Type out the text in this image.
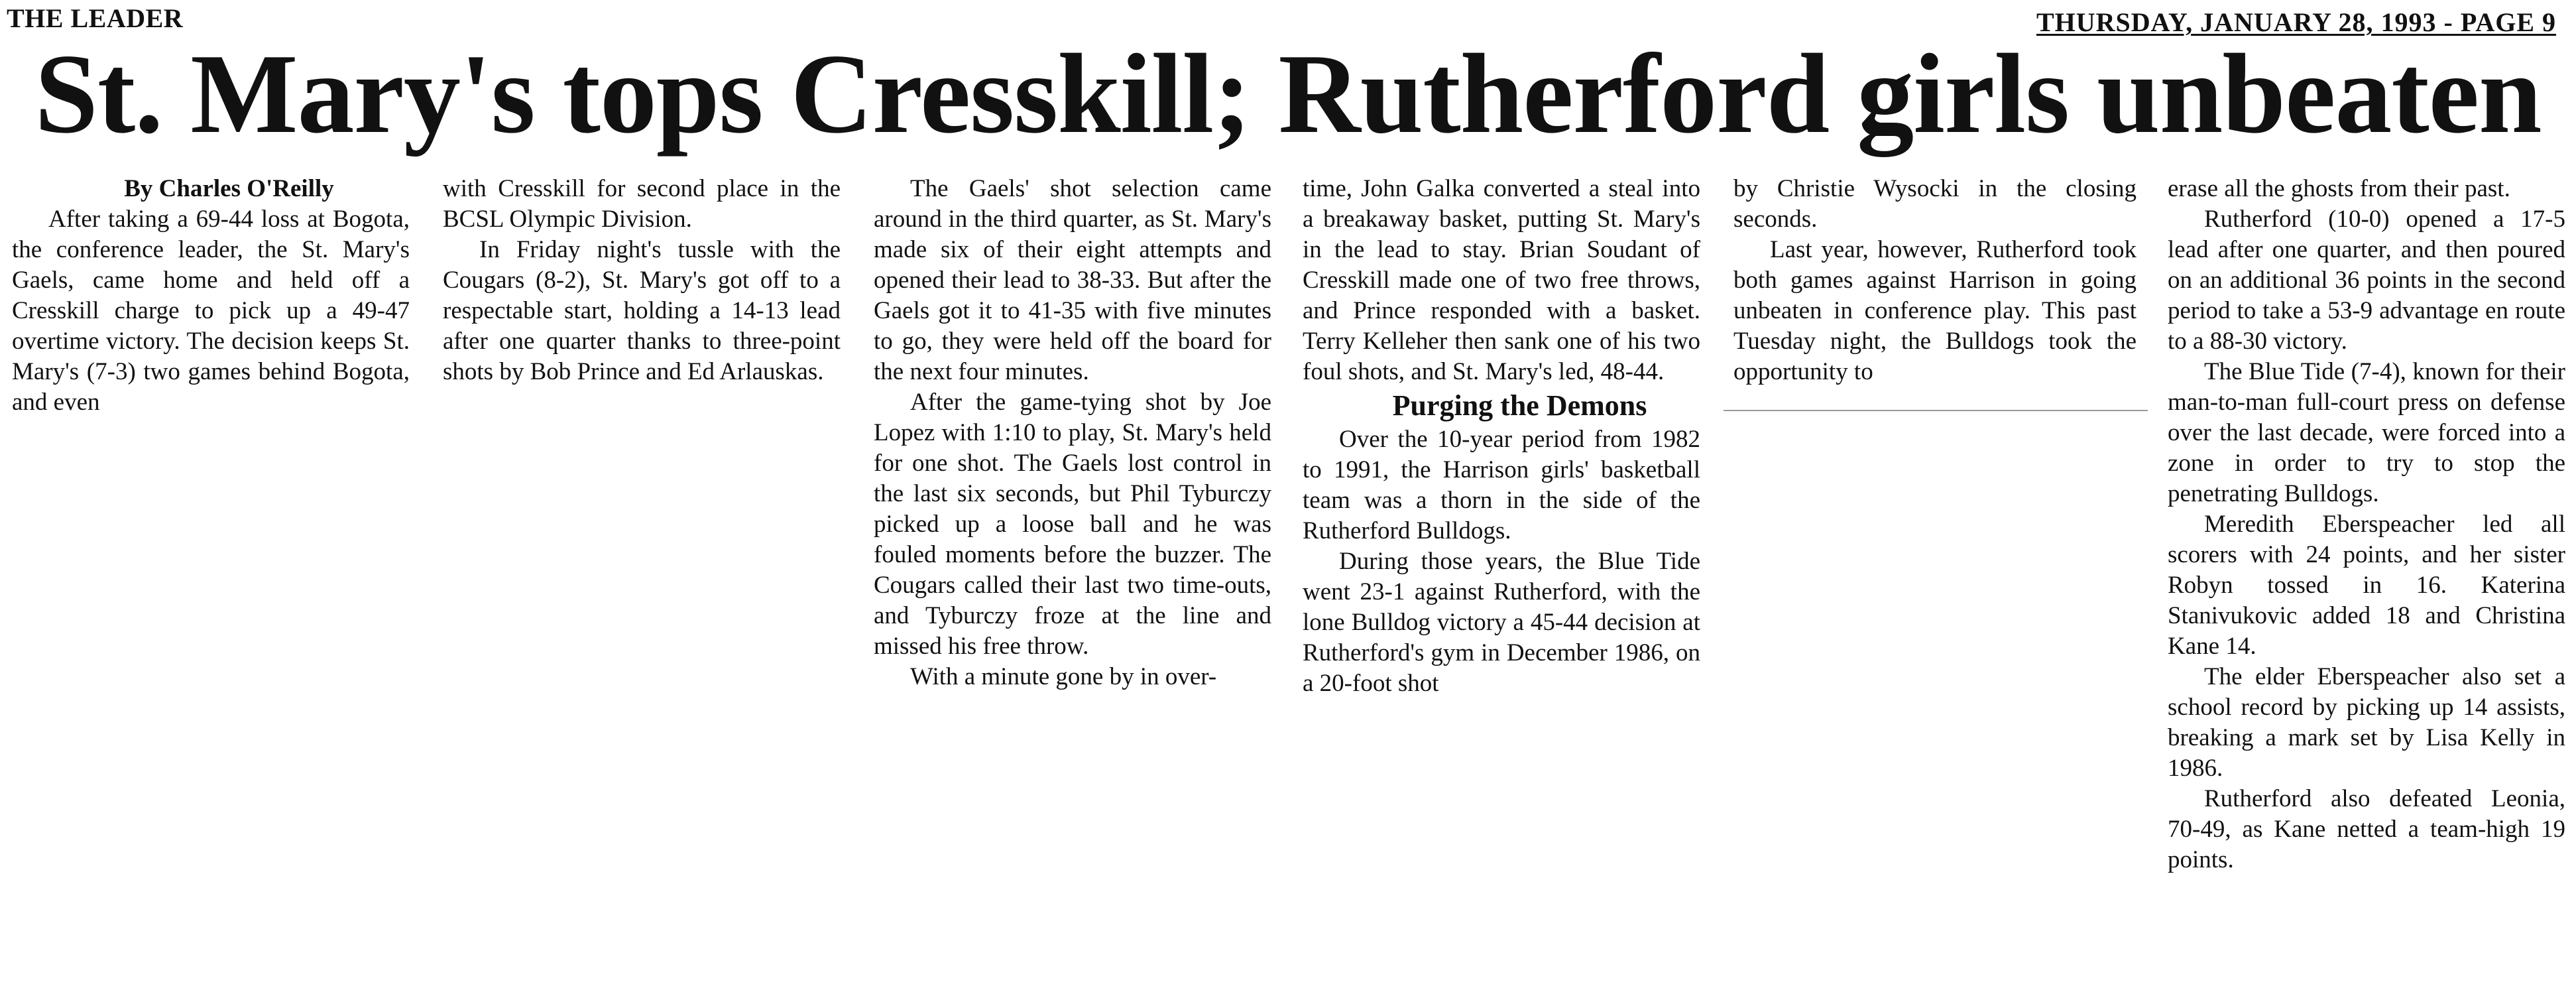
THE LEADER	THURSDAY, JANUARY 28, 1993 - PAGE 9
St. Mary's tops Cresskill; Rutherford girls unbeaten

By Charles O'Reilly

After taking a 69-44 loss at Bogota, the conference leader, the St. Mary's Gaels, came home and held off a Cresskill charge to pick up a 49-47 overtime victory. The decision keeps St. Mary's (7-3) two games behind Bogota, and even

with Cresskill for second place in the BCSL Olympic Division.

In Friday night's tussle with the Cougars (8-2), St. Mary's got off to a respectable start, holding a 14-13 lead after one quarter thanks to three-point shots by Bob Prince and Ed Arlauskas.

The Gaels' shot selection came around in the third quarter, as St. Mary's made six of their eight attempts and opened their lead to 38-33. But after the Gaels got it to 41-35 with five minutes to go, they were held off the board for the next four minutes.

After the game-tying shot by Joe Lopez with 1:10 to play, St. Mary's held for one shot. The Gaels lost control in the last six seconds, but Phil Tyburczy picked up a loose ball and he was fouled moments before the buzzer. The Cougars called their last two time-outs, and Tyburczy froze at the line and missed his free throw.

With a minute gone by in over-

time, John Galka converted a steal into a breakaway basket, putting St. Mary's in the lead to stay. Brian Soudant of Cresskill made one of two free throws, and Prince responded with a basket. Terry Kelleher then sank one of his two foul shots, and St. Mary's led, 48-44.

Purging the Demons

Over the 10-year period from 1982 to 1991, the Harrison girls' basketball team was a thorn in the side of the Rutherford Bulldogs.

During those years, the Blue Tide went 23-1 against Rutherford, with the lone Bulldog victory a 45-44 decision at Rutherford's gym in December 1986, on a 20-foot shot

by Christie Wysocki in the closing seconds.

Last year, however, Rutherford took both games against Harrison in going unbeaten in conference play. This past Tuesday night, the Bulldogs took the opportunity to

erase all the ghosts from their past.

Rutherford (10-0) opened a 17-5 lead after one quarter, and then poured on an additional 36 points in the second period to take a 53-9 advantage en route to a 88-30 victory.

The Blue Tide (7-4), known for their man-to-man full-court press on defense over the last decade, were forced into a zone in order to try to stop the penetrating Bulldogs.

Meredith Eberspeacher led all scorers with 24 points, and her sister Robyn tossed in 16. Katerina Stanivukovic added 18 and Christina Kane 14.

The elder Eberspeacher also set a school record by picking up 14 assists, breaking a mark set by Lisa Kelly in 1986.

Rutherford also defeated Leonia, 70-49, as Kane netted a team-high 19 points.
